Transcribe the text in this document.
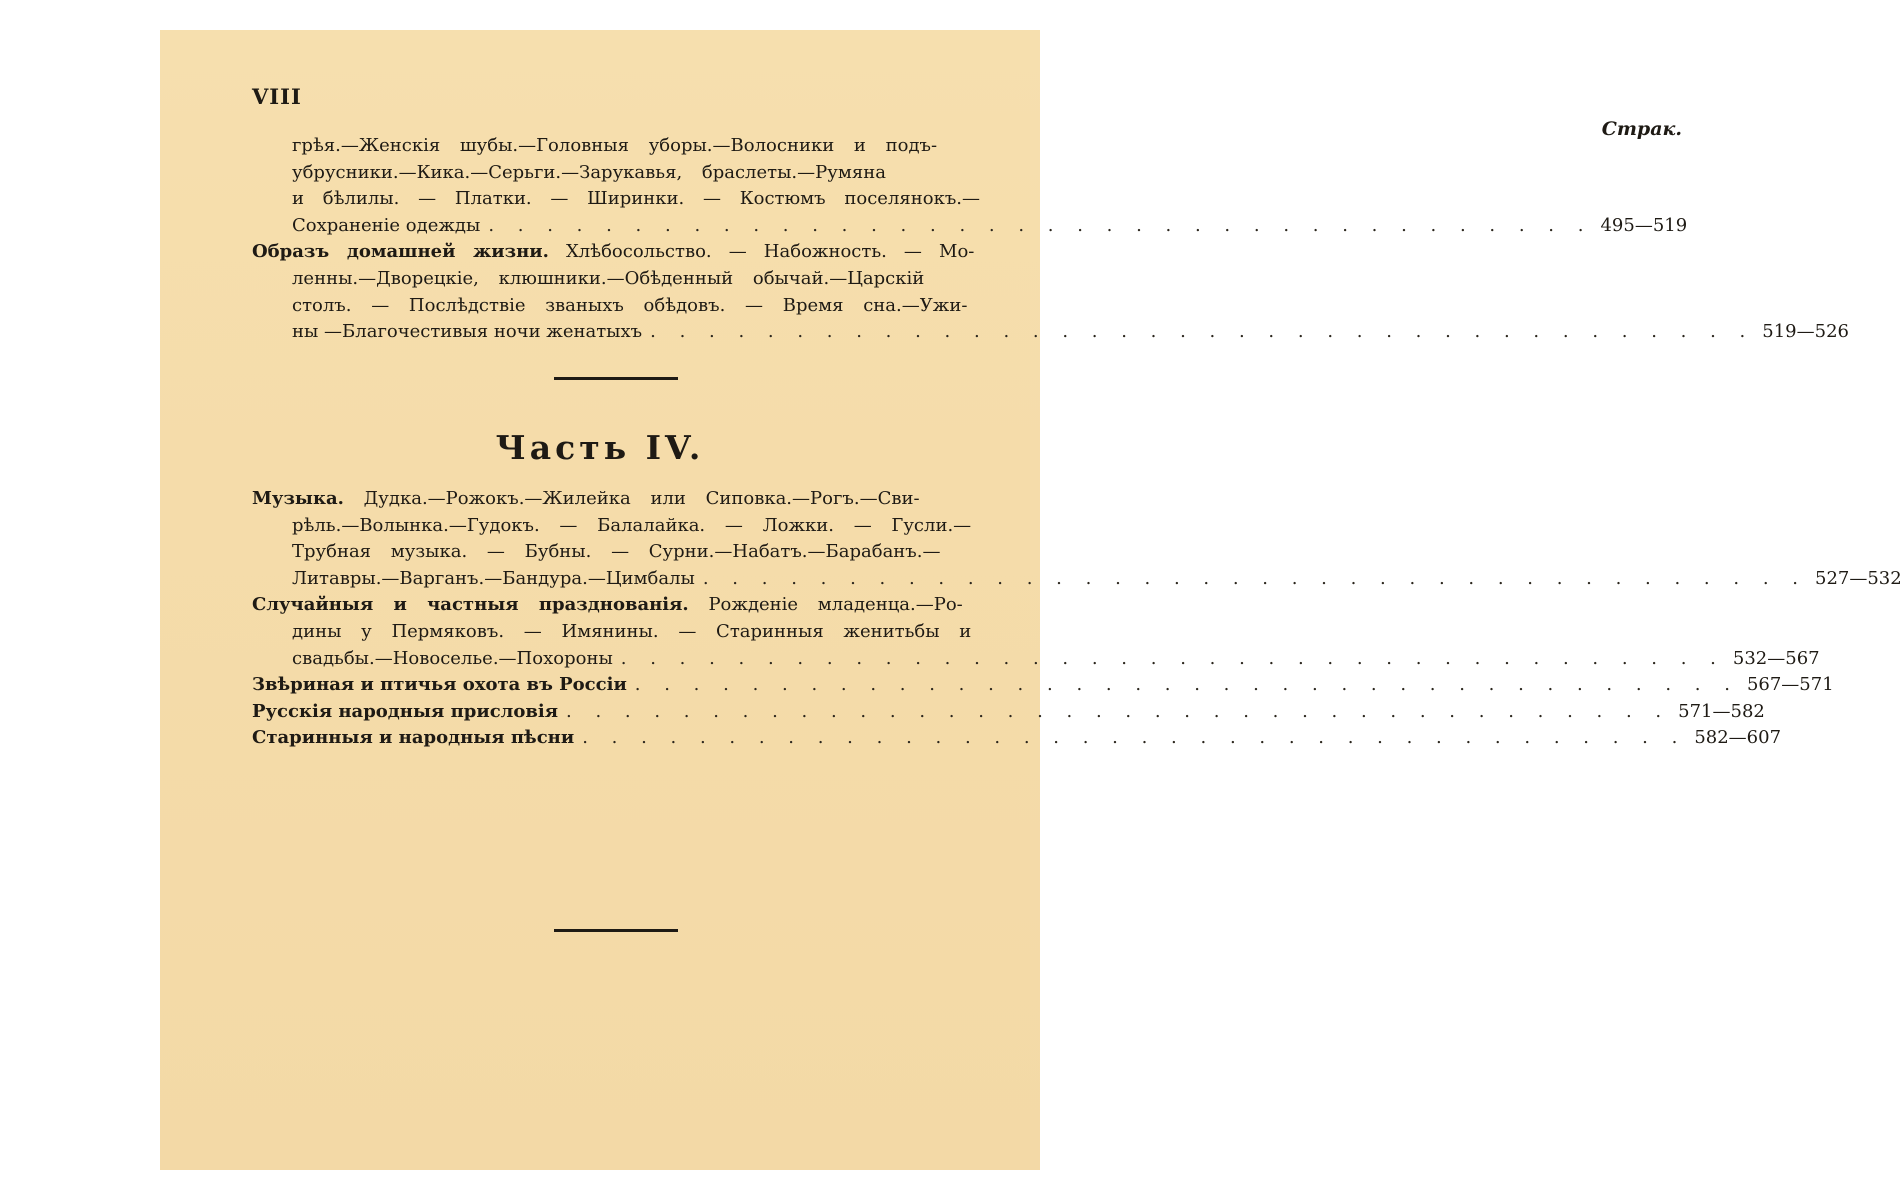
VIII
Страк.
грѣя.—Женскія шубы.—Головныя уборы.—Волосники и подъ-
убрусники.—Кика.—Серьги.—Зарукавья, браслеты.—Румяна
и бѣлилы. — Платки. — Ширинки. — Костюмъ поселянокъ.—
Сохраненіе одежды . . . . . . . . . . . . . . . . . . . . . . . . . . . . . . . . . . . . . . 495—519
Образъ домашней жизни.
Хлѣбосольство. — Набожность. — Мо-
ленны.—Дворецкіе, клюшники.—Обѣденный обычай.—Царскій
столъ. — Послѣдствіе званыхъ обѣдовъ. — Время сна.—Ужи-
ны —Благочестивыя ночи женатыхъ . . . . . . . . . . . . . . . . . . . . . . . . . . . . . . . . . . . . . . 519—526
Часть IV.
Музыка.
Дудка.—Рожокъ.—Жилейка или Сиповка.—Рогъ.—Сви-
рѣль.—Волынка.—Гудокъ. — Балалайка. — Ложки. — Гусли.—
Трубная музыка. — Бубны. — Сурни.—Набатъ.—Барабанъ.—
Литавры.—Варганъ.—Бандура.—Цимбалы . . . . . . . . . . . . . . . . . . . . . . . . . . . . . . . . . . . . . . 527—532
Случайныя и частныя празднованія.
Рожденіе младенца.—Ро-
дины у Пермяковъ. — Имянины. — Старинныя женитьбы и
свадьбы.—Новоселье.—Похороны . . . . . . . . . . . . . . . . . . . . . . . . . . . . . . . . . . . . . . 532—567
Звѣриная и птичья охота въ Россіи . . . . . . . . . . . . . . . . . . . . . . . . . . . . . . . . . . . . . . 567—571
Русскія народныя присловія . . . . . . . . . . . . . . . . . . . . . . . . . . . . . . . . . . . . . . 571—582
Старинныя и народныя пѣсни . . . . . . . . . . . . . . . . . . . . . . . . . . . . . . . . . . . . . . 582—607
